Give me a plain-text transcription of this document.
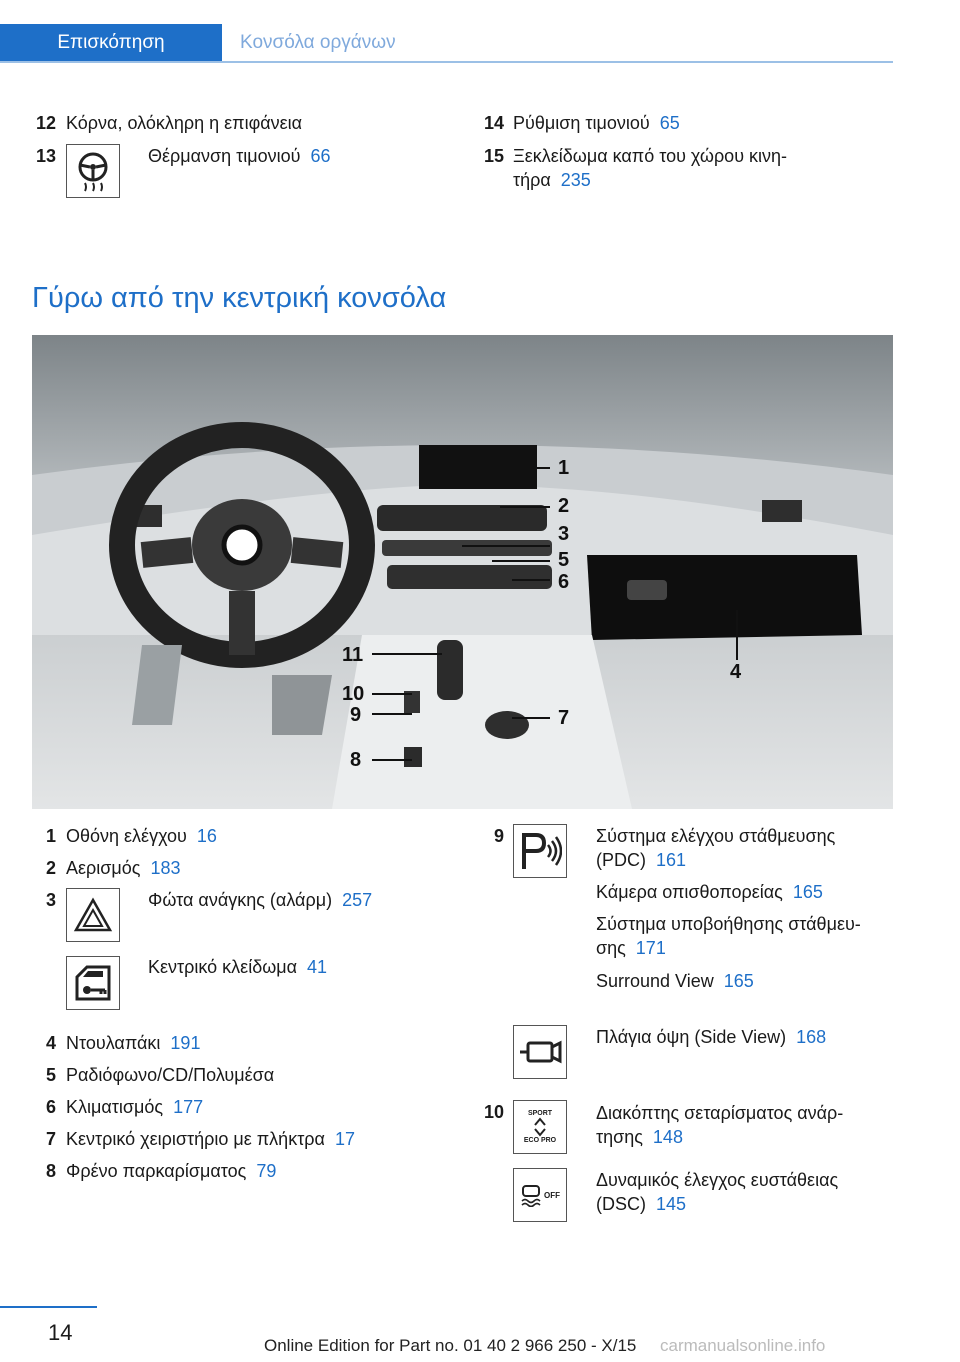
Επισκόπηση	Κονσόλα οργάνων
12 Κόρνα, ολόκληρη η επιφάνεια
13	Θέρμανση τιμονιού 66
14 Ρύθμιση τιμονιού 65
15 Ξεκλείδωμα καπό του χώρου κινη-
τήρα 235
Γύρω από την κεντρική κονσόλα
1
2
3
5
6
4
11
10
9	7
8
1 Οθόνη ελέγχου 16
2 Αερισμός 183
3	Φώτα ανάγκης (αλάρμ) 257
Κεντρικό κλείδωμα 41
4 Ντουλαπάκι 191
5 Ραδιόφωνο/CD/Πολυμέσα
6 Κλιματισμός 177
7 Κεντρικό χειριστήριο με πλήκτρα 17
8 Φρένο παρκαρίσματος 79
9	Σύστημα ελέγχου στάθμευσης
(PDC) 161
Κάμερα οπισθοπορείας 165
Σύστημα υποβοήθησης στάθμευ-
σης 171
Surround View 165
Πλάγια όψη (Side View) 168
10	SPORT
ECO PRO
Διακόπτης σεταρίσματος ανάρ-
τησης 148
OFF
Δυναμικός έλεγχος ευστάθειας
(DSC) 145
14
Online Edition for Part no. 01 40 2 966 250 - X/15 carmanualsonline.info
